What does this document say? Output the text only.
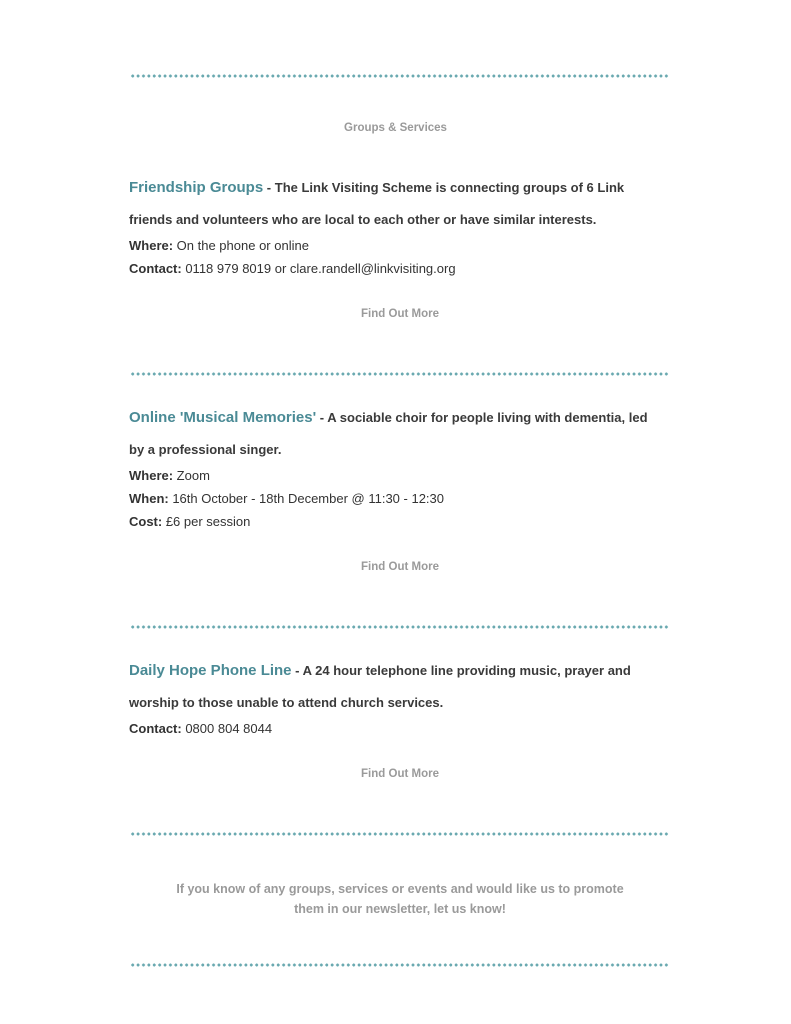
Groups & Services
Friendship Groups - The Link Visiting Scheme is connecting groups of 6 Link
friends and volunteers who are local to each other or have similar interests.
Where: On the phone or online
Contact: 0118 979 8019 or clare.randell@linkvisiting.org
Find Out More
Online 'Musical Memories' - A sociable choir for people living with dementia, led
by a professional singer.
Where: Zoom
When: 16th October - 18th December @ 11:30 - 12:30
Cost: £6 per session
Find Out More
Daily Hope Phone Line - A 24 hour telephone line providing music, prayer and
worship to those unable to attend church services.
Contact: 0800 804 8044
Find Out More
If you know of any groups, services or events and would like us to promote
them in our newsletter, let us know!
